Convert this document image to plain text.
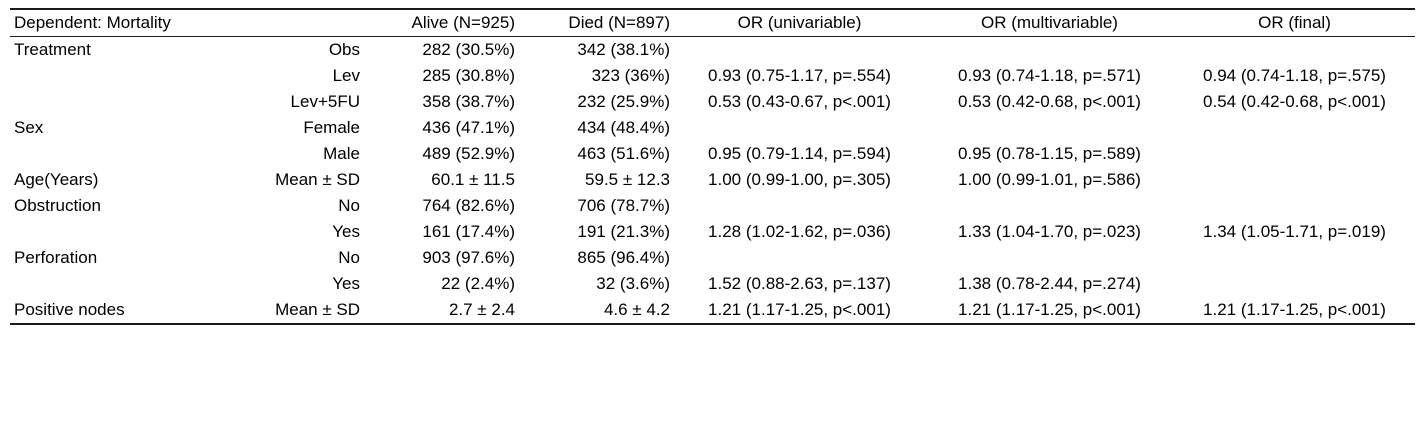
Dependent: Mortality		Alive (N=925)	Died (N=897)	OR (univariable)	OR (multivariable)	OR (final)
Treatment	Obs	282 (30.5%)	342 (38.1%)			
	Lev	285 (30.8%)	323 (36%)	0.93 (0.75-1.17, p=.554)	0.93 (0.74-1.18, p=.571)	0.94 (0.74-1.18, p=.575)
	Lev+5FU	358 (38.7%)	232 (25.9%)	0.53 (0.43-0.67, p<.001)	0.53 (0.42-0.68, p<.001)	0.54 (0.42-0.68, p<.001)
Sex	Female	436 (47.1%)	434 (48.4%)			
	Male	489 (52.9%)	463 (51.6%)	0.95 (0.79-1.14, p=.594)	0.95 (0.78-1.15, p=.589)	
Age(Years)	Mean ± SD	60.1 ± 11.5	59.5 ± 12.3	1.00 (0.99-1.00, p=.305)	1.00 (0.99-1.01, p=.586)	
Obstruction	No	764 (82.6%)	706 (78.7%)			
	Yes	161 (17.4%)	191 (21.3%)	1.28 (1.02-1.62, p=.036)	1.33 (1.04-1.70, p=.023)	1.34 (1.05-1.71, p=.019)
Perforation	No	903 (97.6%)	865 (96.4%)			
	Yes	22 (2.4%)	32 (3.6%)	1.52 (0.88-2.63, p=.137)	1.38 (0.78-2.44, p=.274)	
Positive nodes	Mean ± SD	2.7 ± 2.4	4.6 ± 4.2	1.21 (1.17-1.25, p<.001)	1.21 (1.17-1.25, p<.001)	1.21 (1.17-1.25, p<.001)
